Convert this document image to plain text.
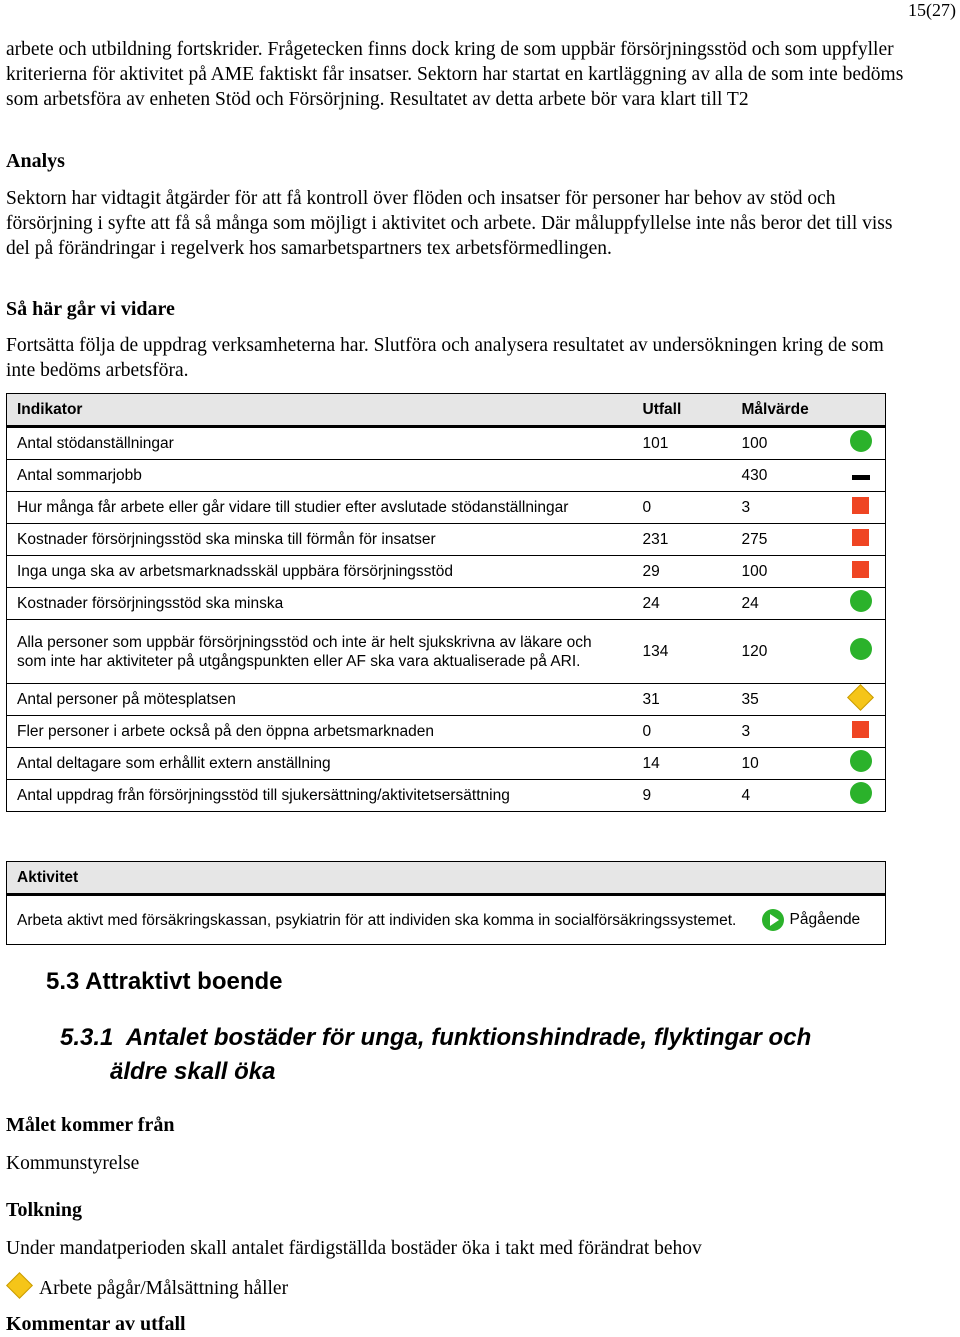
15(27)

arbete och utbildning fortskrider. Frågetecken finns dock kring de som uppbär försörjningsstöd och som uppfyller kriterierna för aktivitet på AME faktiskt får insatser. Sektorn har startat en kartläggning av alla de som inte bedöms som arbetsföra av enheten Stöd och Försörjning. Resultatet av detta arbete bör vara klart till T2

Analys

Sektorn har vidtagit åtgärder för att få kontroll över flöden och insatser för personer har behov av stöd och försörjning i syfte att få så många som möjligt i aktivitet och arbete. Där måluppfyllelse inte nås beror det till viss del på förändringar i regelverk hos samarbetspartners tex arbetsförmedlingen.

Så här går vi vidare

Fortsätta följa de uppdrag verksamheterna har. Slutföra och analysera resultatet av undersökningen kring de som inte bedöms arbetsföra.

Indikator	Utfall	Målvärde	
Antal stödanställningar	101	100	
Antal sommarjobb		430	
Hur många får arbete eller går vidare till studier efter avslutade stödanställningar	0	3	
Kostnader försörjningsstöd ska minska till förmån för insatser	231	275	
Inga unga ska av arbetsmarknadsskäl uppbära försörjningsstöd	29	100	
Kostnader försörjningsstöd ska minska	24	24	
Alla personer som uppbär försörjningsstöd och inte är helt sjukskrivna av läkare och som inte har aktiviteter på utgångspunkten eller AF ska vara aktualiserade på ARI.	134	120	
Antal personer på mötesplatsen	31	35	
Fler personer i arbete också på den öppna arbetsmarknaden	0	3	
Antal deltagare som erhållit extern anställning	14	10	
Antal uppdrag från försörjningsstöd till sjukersättning/aktivitetsersättning	9	4	
Aktivitet
Arbeta aktivt med försäkringskassan, psykiatrin för att individen ska komma in socialförsäkringssystemet.	Pågående
5.3 Attraktivt boende
5.3.1 Antalet bostäder för unga, funktionshindrade, flyktingar och
äldre skall öka

Målet kommer från

Kommunstyrelse

Tolkning

Under mandatperioden skall antalet färdigställda bostäder öka i takt med förändrat behov

Arbete pågår/Målsättning håller

Kommentar av utfall
